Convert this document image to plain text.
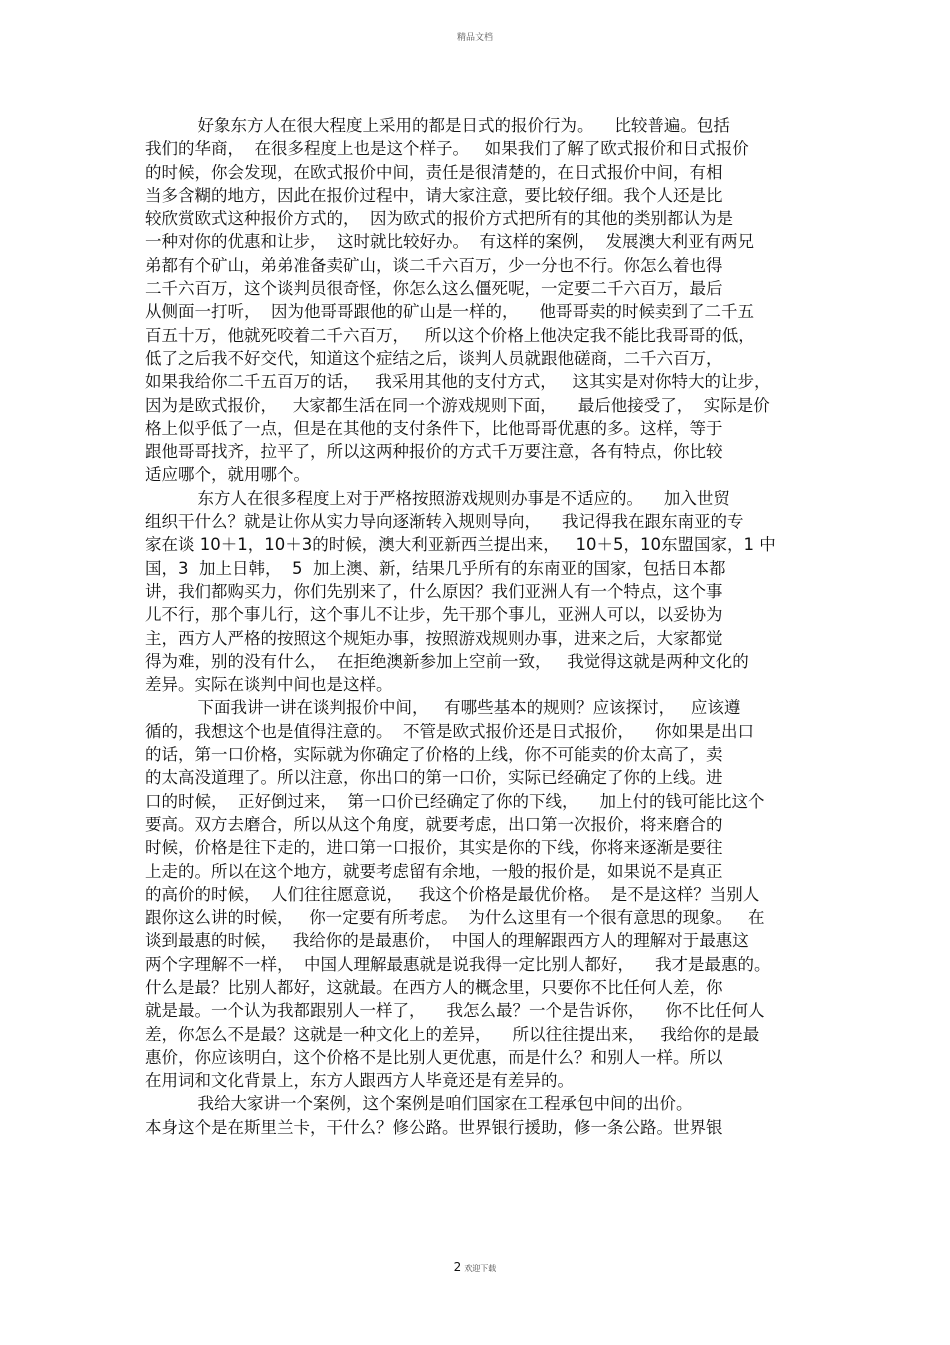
精品文档
好象东方人在很大程度上采用的都是日式的报价行为。    比较普遍。包括
我们的华商，  在很多程度上也是这个样子。   如果我们了解了欧式报价和日式报价
的时候，你会发现，在欧式报价中间，责任是很清楚的，在日式报价中间，有相
当多含糊的地方，因此在报价过程中，请大家注意，要比较仔细。我个人还是比
较欣赏欧式这种报价方式的，  因为欧式的报价方式把所有的其他的类别都认为是
一种对你的优惠和让步，  这时就比较好办。  有这样的案例，  发展澳大利亚有两兄
弟都有个矿山，弟弟准备卖矿山，谈二千六百万，少一分也不行。你怎么着也得
二千六百万，这个谈判员很奇怪，你怎么这么僵死呢，一定要二千六百万，最后
从侧面一打听，  因为他哥哥跟他的矿山是一样的，    他哥哥卖的时候卖到了二千五
百五十万，他就死咬着二千六百万，   所以这个价格上他决定我不能比我哥哥的低，
低了之后我不好交代，知道这个症结之后，谈判人员就跟他磋商，二千六百万，
如果我给你二千五百万的话，   我采用其他的支付方式，   这其实是对你特大的让步，
因为是欧式报价，   大家都生活在同一个游戏规则下面，    最后他接受了，  实际是价
格上似乎低了一点，但是在其他的支付条件下，比他哥哥优惠的多。这样，等于
跟他哥哥找齐，拉平了，所以这两种报价的方式千万要注意，各有特点，你比较
适应哪个，就用哪个。
东方人在很多程度上对于严格按照游戏规则办事是不适应的。    加入世贸
组织干什么？就是让你从实力导向逐渐转入规则导向，    我记得我在跟东南亚的专
家在谈 10＋1，10＋3的时候，澳大利亚新西兰提出来，   10＋5，10东盟国家，1 中
国，3  加上日韩，  5  加上澳、新，结果几乎所有的东南亚的国家，包括日本都
讲，我们都购买力，你们先别来了，什么原因？我们亚洲人有一个特点，这个事
儿不行，那个事儿行，这个事儿不让步，先干那个事儿，亚洲人可以，以妥协为
主，西方人严格的按照这个规矩办事，按照游戏规则办事，进来之后，大家都觉
得为难，别的没有什么，  在拒绝澳新参加上空前一致，   我觉得这就是两种文化的
差异。实际在谈判中间也是这样。
下面我讲一讲在谈判报价中间，   有哪些基本的规则？应该探讨，   应该遵
循的，我想这个也是值得注意的。  不管是欧式报价还是日式报价，    你如果是出口
的话，第一口价格，实际就为你确定了价格的上线，你不可能卖的价太高了，卖
的太高没道理了。所以注意，你出口的第一口价，实际已经确定了你的上线。进
口的时候，  正好倒过来，  第一口价已经确定了你的下线，    加上付的钱可能比这个
要高。双方去磨合，所以从这个角度，就要考虑，出口第一次报价，将来磨合的
时候，价格是往下走的，进口第一口报价，其实是你的下线，你将来逐渐是要往
上走的。所以在这个地方，就要考虑留有余地，一般的报价是，如果说不是真正
的高价的时候，  人们往往愿意说，   我这个价格是最优价格。  是不是这样？当别人
跟你这么讲的时候，   你一定要有所考虑。  为什么这里有一个很有意思的现象。   在
谈到最惠的时候，   我给你的是最惠价，  中国人的理解跟西方人的理解对于最惠这
两个字理解不一样，  中国人理解最惠就是说我得一定比别人都好，    我才是最惠的。
什么是最？比别人都好，这就最。在西方人的概念里，只要你不比任何人差，你
就是最。一个认为我都跟别人一样了，    我怎么最？一个是告诉你，    你不比任何人
差，你怎么不是最？这就是一种文化上的差异，    所以往往提出来，   我给你的是最
惠价，你应该明白，这个价格不是比别人更优惠，而是什么？和别人一样。所以
在用词和文化背景上，东方人跟西方人毕竟还是有差异的。
我给大家讲一个案例，这个案例是咱们国家在工程承包中间的出价。
本身这个是在斯里兰卡，干什么？修公路。世界银行援助，修一条公路。世界银
2 欢迎下载
